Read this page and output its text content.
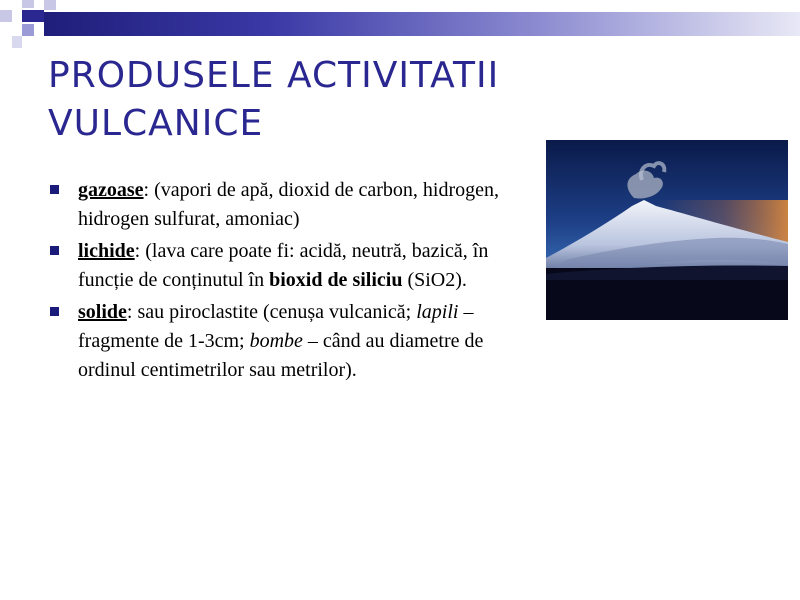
PRODUSELE ACTIVITATII
VULCANICE
gazoase: (vapori de apă, dioxid de carbon, hidrogen, hidrogen sulfurat, amoniac)
lichide: (lava care poate fi: acidă, neutră, bazică, în funcție de conținutul în bioxid de siliciu (SiO2).
solide: sau piroclastite (cenușa vulcanică; lapili – fragmente de 1-3cm; bombe – când au diametre de ordinul centimetrilor sau metrilor).
